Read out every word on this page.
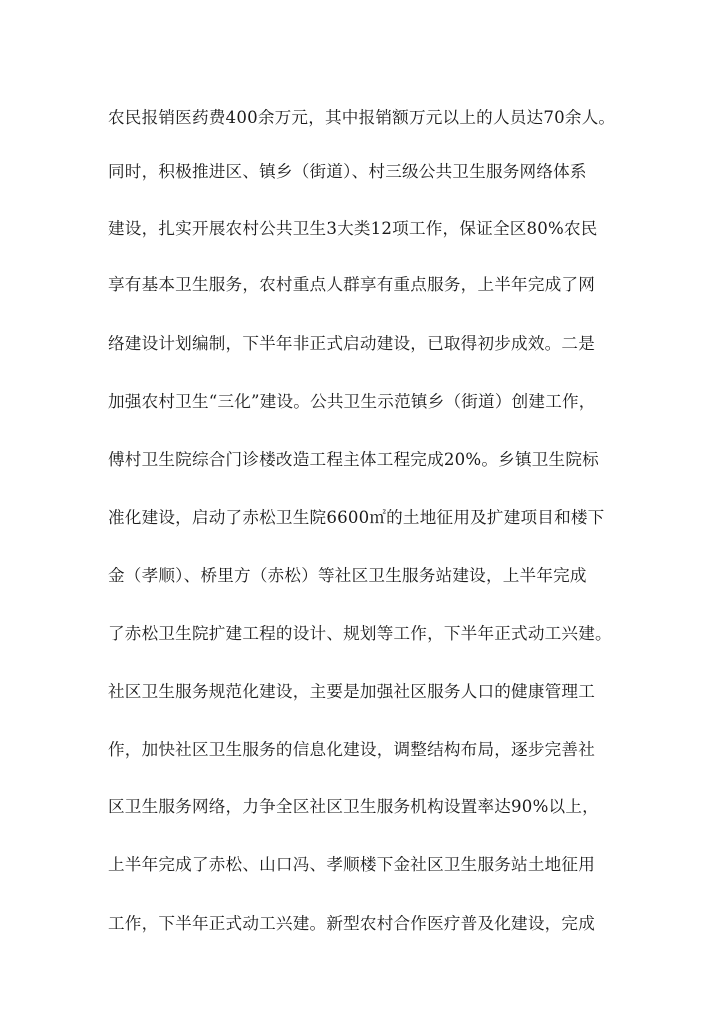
农民报销医药费400余万元，其中报销额万元以上的人员达70余人。
同时，积极推进区、镇乡（街道）、村三级公共卫生服务网络体系
建设，扎实开展农村公共卫生3大类12项工作，保证全区80%农民
享有基本卫生服务，农村重点人群享有重点服务，上半年完成了网
络建设计划编制，下半年非正式启动建设，已取得初步成效。二是
加强农村卫生“三化”建设。公共卫生示范镇乡（街道）创建工作，
傅村卫生院综合门诊楼改造工程主体工程完成20%。乡镇卫生院标
准化建设，启动了赤松卫生院6600㎡的土地征用及扩建项目和楼下
金（孝顺）、桥里方（赤松）等社区卫生服务站建设，上半年完成
了赤松卫生院扩建工程的设计、规划等工作，下半年正式动工兴建。
社区卫生服务规范化建设，主要是加强社区服务人口的健康管理工
作，加快社区卫生服务的信息化建设，调整结构布局，逐步完善社
区卫生服务网络，力争全区社区卫生服务机构设置率达90%以上，
上半年完成了赤松、山口冯、孝顺楼下金社区卫生服务站土地征用
工作，下半年正式动工兴建。新型农村合作医疗普及化建设，完成
